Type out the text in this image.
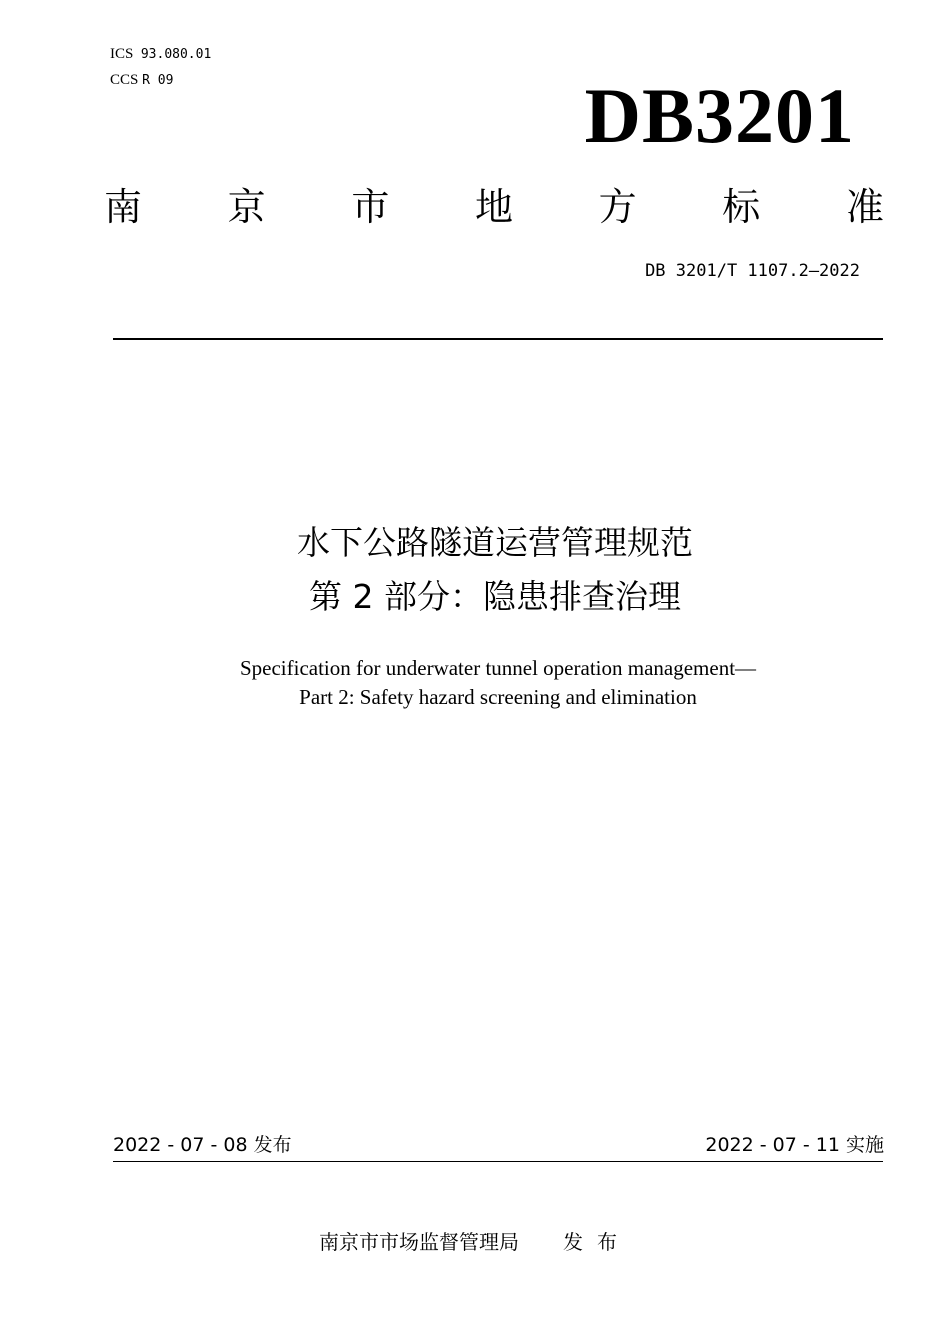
ICS 93.080.01
CCS R 09	DB3201
南 京 市 地 方 标 准
DB 3201/T 1107.2—2022
水下公路隧道运营管理规范
第 2 部分：隐患排查治理
Specification for underwater tunnel operation management—
Part 2: Safety hazard screening and elimination
2022 - 07 - 08 发布	2022 - 07 - 11 实施
南京市市场监督管理局 发布
